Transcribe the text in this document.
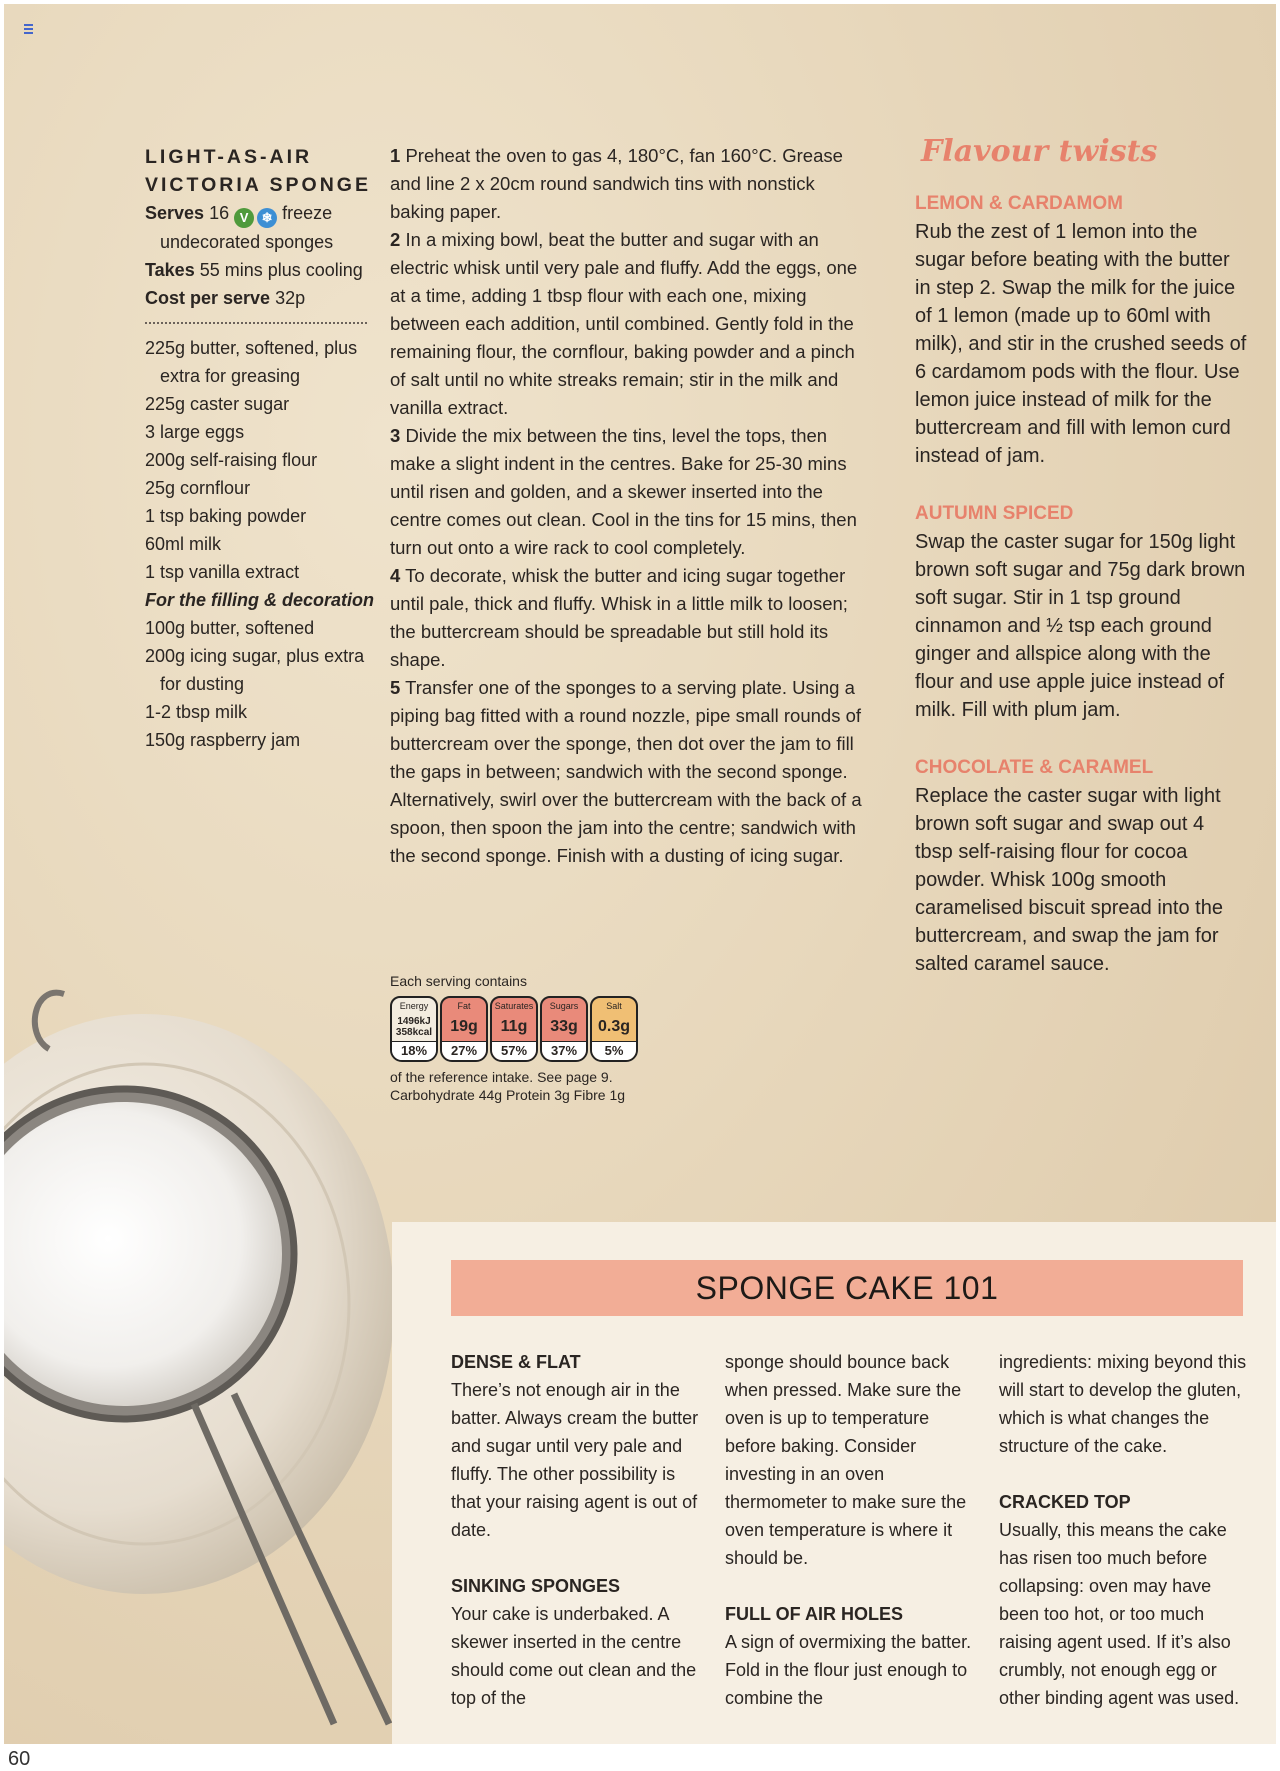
LIGHT-AS-AIR
VICTORIA SPONGE
Serves 16 V ❄ freeze undecorated sponges
Takes 55 mins plus cooling
Cost per serve 32p
225g butter, softened, plus extra for greasing
225g caster sugar
3 large eggs
200g self-raising flour
25g cornflour
1 tsp baking powder
60ml milk
1 tsp vanilla extract
For the filling & decoration
100g butter, softened
200g icing sugar, plus extra for dusting
1-2 tbsp milk
150g raspberry jam

1 Preheat the oven to gas 4, 180°C, fan 160°C. Grease and line 2 x 20cm round sandwich tins with nonstick baking paper.

2 In a mixing bowl, beat the butter and sugar with an electric whisk until very pale and fluffy. Add the eggs, one at a time, adding 1 tbsp flour with each one, mixing between each addition, until combined. Gently fold in the remaining flour, the cornflour, baking powder and a pinch of salt until no white streaks remain; stir in the milk and vanilla extract.

3 Divide the mix between the tins, level the tops, then make a slight indent in the centres. Bake for 25-30 mins until risen and golden, and a skewer inserted into the centre comes out clean. Cool in the tins for 15 mins, then turn out onto a wire rack to cool completely.

4 To decorate, whisk the butter and icing sugar together until pale, thick and fluffy. Whisk in a little milk to loosen; the buttercream should be spreadable but still hold its shape.

5 Transfer one of the sponges to a serving plate. Using a piping bag fitted with a round nozzle, pipe small rounds of buttercream over the sponge, then dot over the jam to fill the gaps in between; sandwich with the second sponge. Alternatively, swirl over the buttercream with the back of a spoon, then spoon the jam into the centre; sandwich with the second sponge. Finish with a dusting of icing sugar.

Each serving contains
Energy
1496kJ
358kcal
18%
Fat
19g
27%
Saturates
11g
57%
Sugars
33g
37%
Salt
0.3g
5%
of the reference intake. See page 9.
Carbohydrate 44g Protein 3g Fibre 1g
Flavour twists
LEMON & CARDAMOM

Rub the zest of 1 lemon into the sugar before beating with the butter in step 2. Swap the milk for the juice of 1 lemon (made up to 60ml with milk), and stir in the crushed seeds of 6 cardamom pods with the flour. Use lemon juice instead of milk for the buttercream and fill with lemon curd instead of jam.

AUTUMN SPICED

Swap the caster sugar for 150g light brown soft sugar and 75g dark brown soft sugar. Stir in 1 tsp ground cinnamon and ½ tsp each ground ginger and allspice along with the flour and use apple juice instead of milk. Fill with plum jam.

CHOCOLATE & CARAMEL

Replace the caster sugar with light brown soft sugar and swap out 4 tbsp self-raising flour for cocoa powder. Whisk 100g smooth caramelised biscuit spread into the buttercream, and swap the jam for salted caramel sauce.

SPONGE CAKE 101
DENSE & FLAT

There’s not enough air in the batter. Always cream the butter and sugar until very pale and fluffy. The other possibility is that your raising agent is out of date.

SINKING SPONGES

Your cake is underbaked. A skewer inserted in the centre should come out clean and the top of the

sponge should bounce back when pressed. Make sure the oven is up to temperature before baking. Consider investing in an oven thermometer to make sure the oven temperature is where it should be.

FULL OF AIR HOLES

A sign of overmixing the batter. Fold in the flour just enough to combine the

ingredients: mixing beyond this will start to develop the gluten, which is what changes the structure of the cake.

CRACKED TOP

Usually, this means the cake has risen too much before collapsing: oven may have been too hot, or too much raising agent used. If it’s also crumbly, not enough egg or other binding agent was used.

60
